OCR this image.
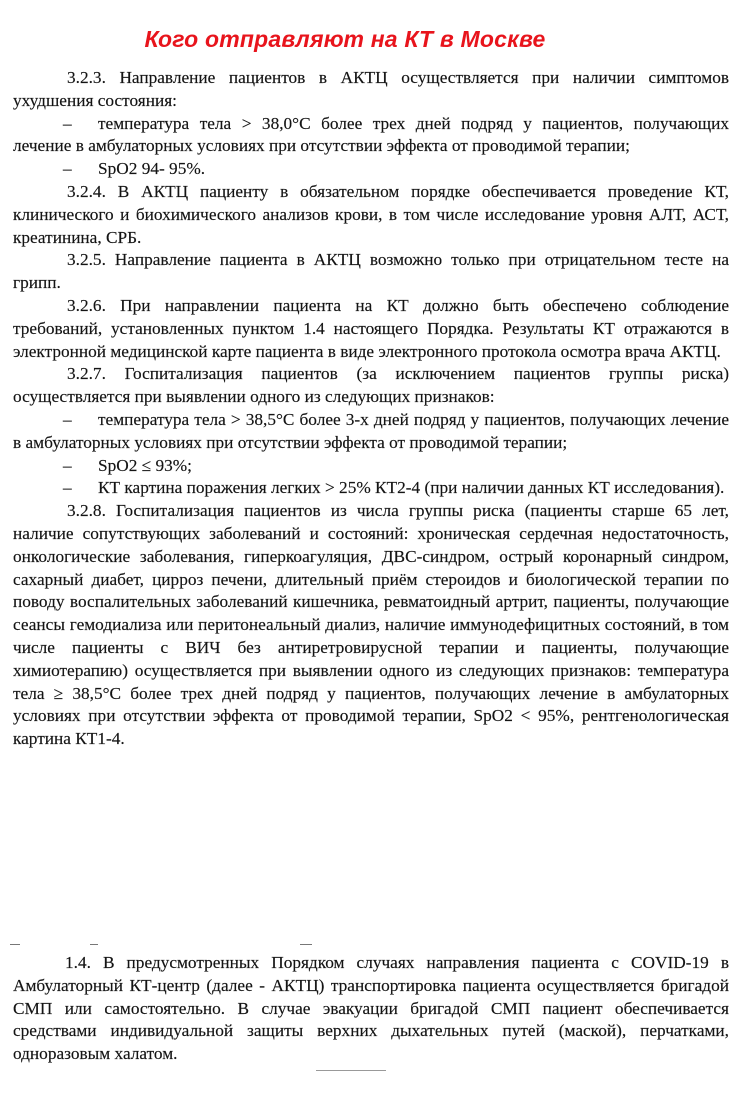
Кого отправляют на КТ в Москве

3.2.3. Направление пациентов в АКТЦ осуществляется при наличии симптомов ухудшения состояния:

– температура тела > 38,0°С более трех дней подряд у пациентов, получающих лечение в амбулаторных условиях при отсутствии эффекта от проводимой терапии;

– SpO2 94- 95%.

3.2.4. В АКТЦ пациенту в обязательном порядке обеспечивается проведение КТ, клинического и биохимического анализов крови, в том числе исследование уровня АЛТ, АСТ, креатинина, СРБ.

3.2.5. Направление пациента в АКТЦ возможно только при отрицательном тесте на грипп.

3.2.6. При направлении пациента на КТ должно быть обеспечено соблюдение требований, установленных пунктом 1.4 настоящего Порядка. Результаты КТ отражаются в электронной медицинской карте пациента в виде электронного протокола осмотра врача АКТЦ.

3.2.7. Госпитализация пациентов (за исключением пациентов группы риска) осуществляется при выявлении одного из следующих признаков:

– температура тела > 38,5°С более 3-х дней подряд у пациентов, получающих лечение в амбулаторных условиях при отсутствии эффекта от проводимой терапии;

– SpO2 ≤ 93%;

– КТ картина поражения легких > 25% КТ2-4 (при наличии данных КТ исследования).

3.2.8. Госпитализация пациентов из числа группы риска (пациенты старше 65 лет, наличие сопутствующих заболеваний и состояний: хроническая сердечная недостаточность, онкологические заболевания, гиперкоагуляция, ДВС-синдром, острый коронарный синдром, сахарный диабет, цирроз печени, длительный приём стероидов и биологической терапии по поводу воспалительных заболеваний кишечника, ревматоидный артрит, пациенты, получающие сеансы гемодиализа или перитонеальный диализ, наличие иммунодефицитных состояний, в том числе пациенты с ВИЧ без антиретровирусной терапии и пациенты, получающие химиотерапию) осуществляется при выявлении одного из следующих признаков: температура тела ≥ 38,5°С более трех дней подряд у пациентов, получающих лечение в амбулаторных условиях при отсутствии эффекта от проводимой терапии, SpO2 < 95%, рентгенологическая картина КТ1-4.

1.4. В предусмотренных Порядком случаях направления пациента с COVID-19 в Амбулаторный КТ-центр (далее - АКТЦ) транспортировка пациента осуществляется бригадой СМП или самостоятельно. В случае эвакуации бригадой СМП пациент обеспечивается средствами индивидуальной защиты верхних дыхательных путей (маской), перчатками, одноразовым халатом.
